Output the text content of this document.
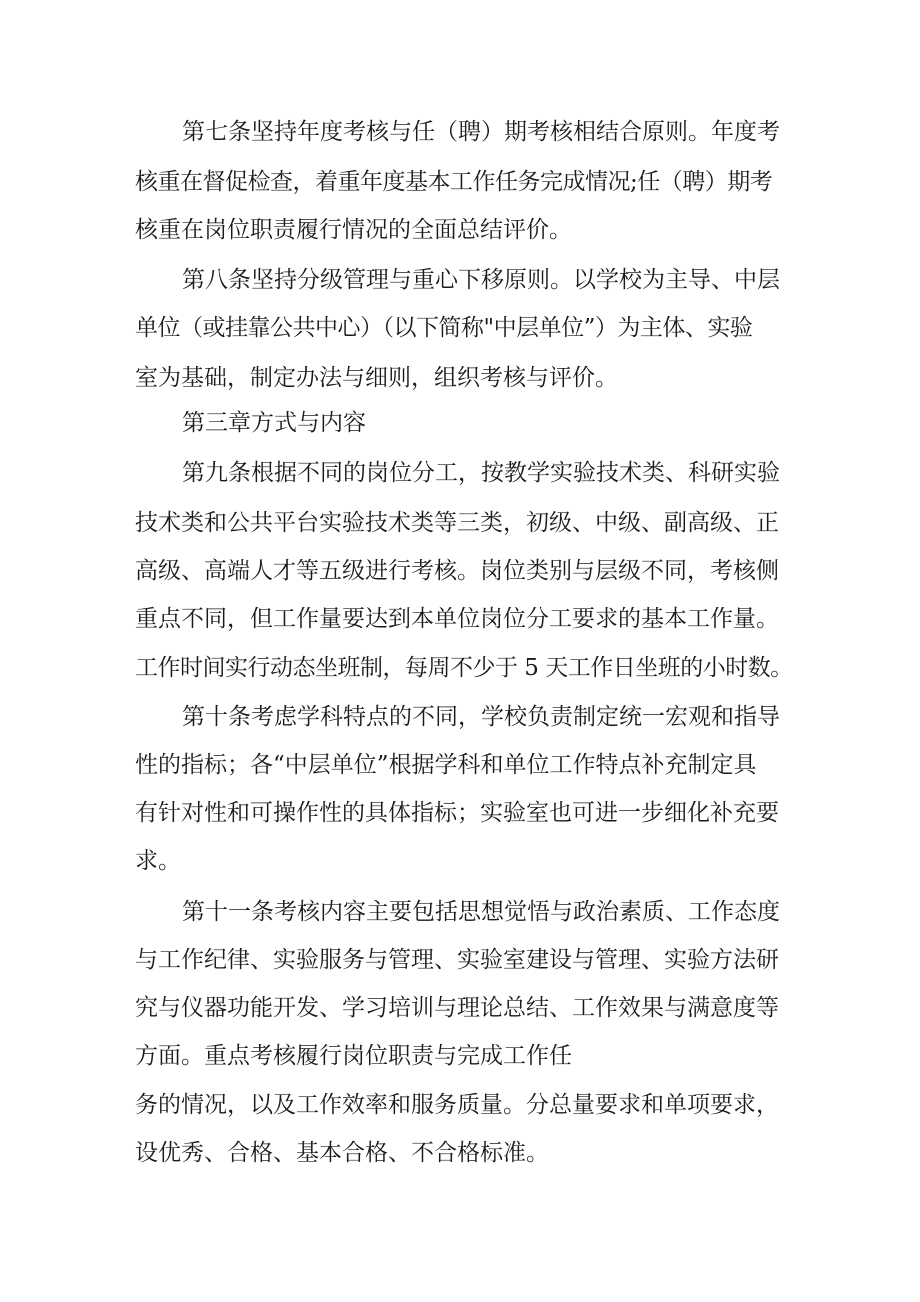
第七条坚持年度考核与任（聘）期考核相结合原则。年度考
核重在督促检查，着重年度基本工作任务完成情况;任（聘）期考
核重在岗位职责履行情况的全面总结评价。
第八条坚持分级管理与重心下移原则。以学校为主导、中层
单位（或挂靠公共中心）（以下简称"中层单位”）为主体、实验
室为基础，制定办法与细则，组织考核与评价。
第三章方式与内容
第九条根据不同的岗位分工，按教学实验技术类、科研实验
技术类和公共平台实验技术类等三类，初级、中级、副高级、正
高级、高端人才等五级进行考核。岗位类别与层级不同，考核侧
重点不同，但工作量要达到本单位岗位分工要求的基本工作量。
工作时间实行动态坐班制，每周不少于 5 天工作日坐班的小时数。
第十条考虑学科特点的不同，学校负责制定统一宏观和指导
性的指标；各“中层单位”根据学科和单位工作特点补充制定具
有针对性和可操作性的具体指标；实验室也可进一步细化补充要
求。
第十一条考核内容主要包括思想觉悟与政治素质、工作态度
与工作纪律、实验服务与管理、实验室建设与管理、实验方法研
究与仪器功能开发、学习培训与理论总结、工作效果与满意度等
方面。重点考核履行岗位职责与完成工作任
务的情况，以及工作效率和服务质量。分总量要求和单项要求，
设优秀、合格、基本合格、不合格标准。
